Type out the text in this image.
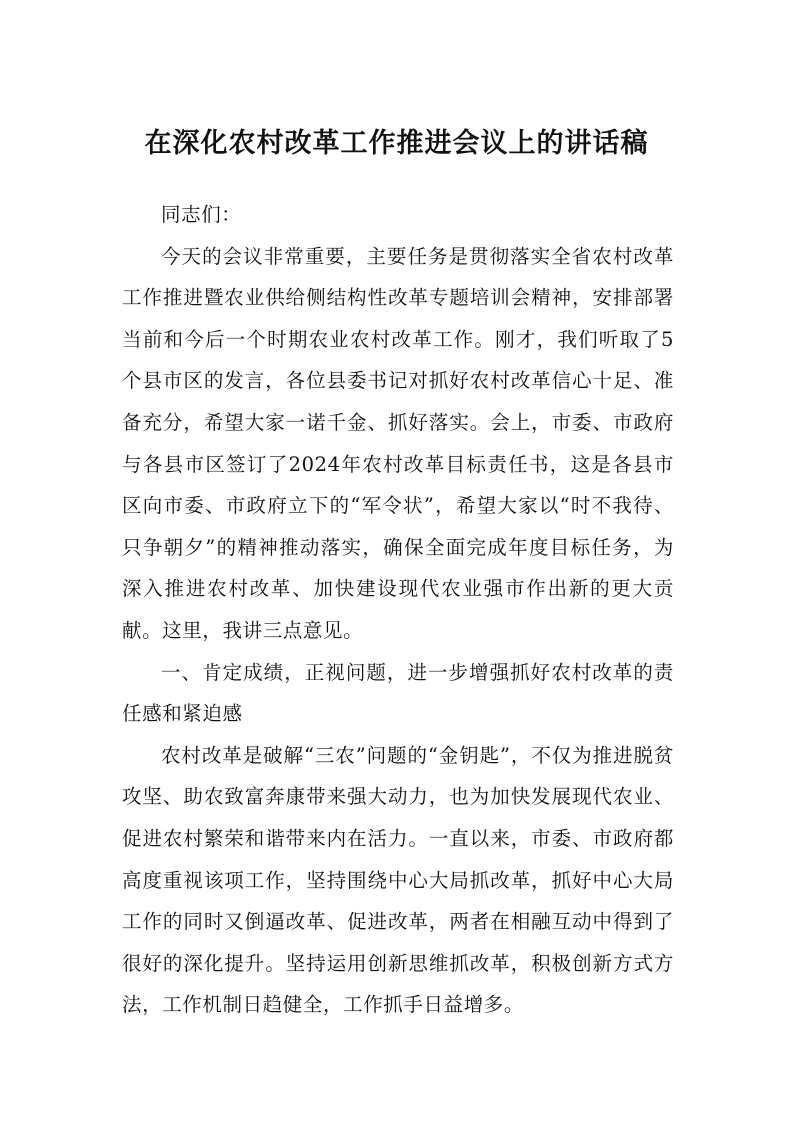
在深化农村改革工作推进会议上的讲话稿

同志们：

今天的会议非常重要，主要任务是贯彻落实全省农村改革工作推进暨农业供给侧结构性改革专题培训会精神，安排部署当前和今后一个时期农业农村改革工作。刚才，我们听取了5个县市区的发言，各位县委书记对抓好农村改革信心十足、准备充分，希望大家一诺千金、抓好落实。会上，市委、市政府与各县市区签订了2024年农村改革目标责任书，这是各县市区向市委、市政府立下的“军令状”，希望大家以“时不我待、只争朝夕”的精神推动落实，确保全面完成年度目标任务，为深入推进农村改革、加快建设现代农业强市作出新的更大贡献。这里，我讲三点意见。

一、肯定成绩，正视问题，进一步增强抓好农村改革的责任感和紧迫感

农村改革是破解“三农”问题的“金钥匙”，不仅为推进脱贫攻坚、助农致富奔康带来强大动力，也为加快发展现代农业、促进农村繁荣和谐带来内在活力。一直以来，市委、市政府都高度重视该项工作，坚持围绕中心大局抓改革，抓好中心大局工作的同时又倒逼改革、促进改革，两者在相融互动中得到了很好的深化提升。坚持运用创新思维抓改革，积极创新方式方法，工作机制日趋健全，工作抓手日益增多。
